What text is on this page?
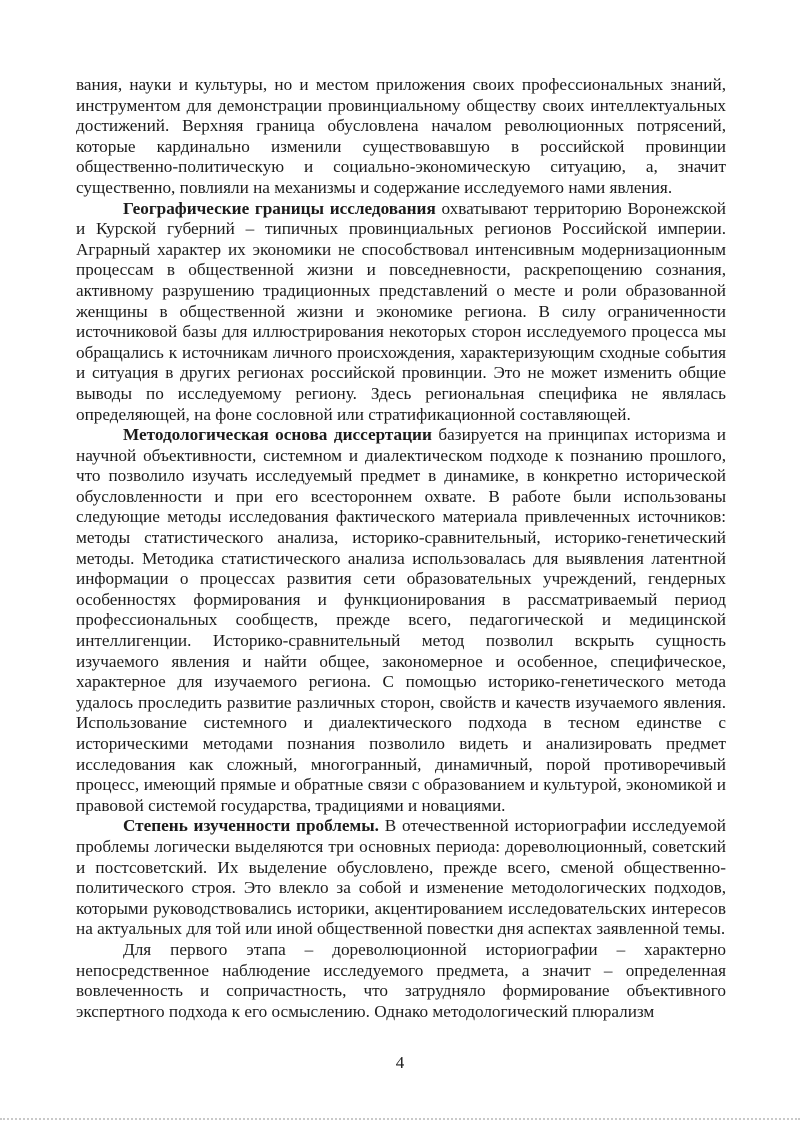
вания, науки и культуры, но и местом приложения своих профессиональных знаний, инструментом для демонстрации провинциальному обществу своих интеллектуальных достижений. Верхняя граница обусловлена началом революционных потрясений, которые кардинально изменили существовавшую в российской провинции общественно-политическую и социально-экономическую ситуацию, а, значит существенно, повлияли на механизмы и содержание исследуемого нами явления.

Географические границы исследования охватывают территорию Воронежской и Курской губерний – типичных провинциальных регионов Российской империи. Аграрный характер их экономики не способствовал интенсивным модернизационным процессам в общественной жизни и повседневности, раскрепощению сознания, активному разрушению традиционных представлений о месте и роли образованной женщины в общественной жизни и экономике региона. В силу ограниченности источниковой базы для иллюстрирования некоторых сторон исследуемого процесса мы обращались к источникам личного происхождения, характеризующим сходные события и ситуация в других регионах российской провинции. Это не может изменить общие выводы по исследуемому региону. Здесь региональная специфика не являлась определяющей, на фоне сословной или стратификационной составляющей.

Методологическая основа диссертации базируется на принципах историзма и научной объективности, системном и диалектическом подходе к познанию прошлого, что позволило изучать исследуемый предмет в динамике, в конкретно исторической обусловленности и при его всестороннем охвате. В работе были использованы следующие методы исследования фактического материала привлеченных источников: методы статистического анализа, историко-сравнительный, историко-генетический методы. Методика статистического анализа использовалась для выявления латентной информации о процессах развития сети образовательных учреждений, гендерных особенностях формирования и функционирования в рассматриваемый период профессиональных сообществ, прежде всего, педагогической и медицинской интеллигенции. Историко-сравнительный метод позволил вскрыть сущность изучаемого явления и найти общее, закономерное и особенное, специфическое, характерное для изучаемого региона. С помощью историко-генетического метода удалось проследить развитие различных сторон, свойств и качеств изучаемого явления. Использование системного и диалектического подхода в тесном единстве с историческими методами познания позволило видеть и анализировать предмет исследования как сложный, многогранный, динамичный, порой противоречивый процесс, имеющий прямые и обратные связи с образованием и культурой, экономикой и правовой системой государства, традициями и новациями.

Степень изученности проблемы. В отечественной историографии исследуемой проблемы логически выделяются три основных периода: дореволюционный, советский и постсоветский. Их выделение обусловлено, прежде всего, сменой общественно-политического строя. Это влекло за собой и изменение методологических подходов, которыми руководствовались историки, акцентированием исследовательских интересов на актуальных для той или иной общественной повестки дня аспектах заявленной темы.

Для первого этапа – дореволюционной историографии – характерно непосредственное наблюдение исследуемого предмета, а значит – определенная вовлеченность и сопричастность, что затрудняло формирование объективного экспертного подхода к его осмыслению. Однако методологический плюрализм

4
